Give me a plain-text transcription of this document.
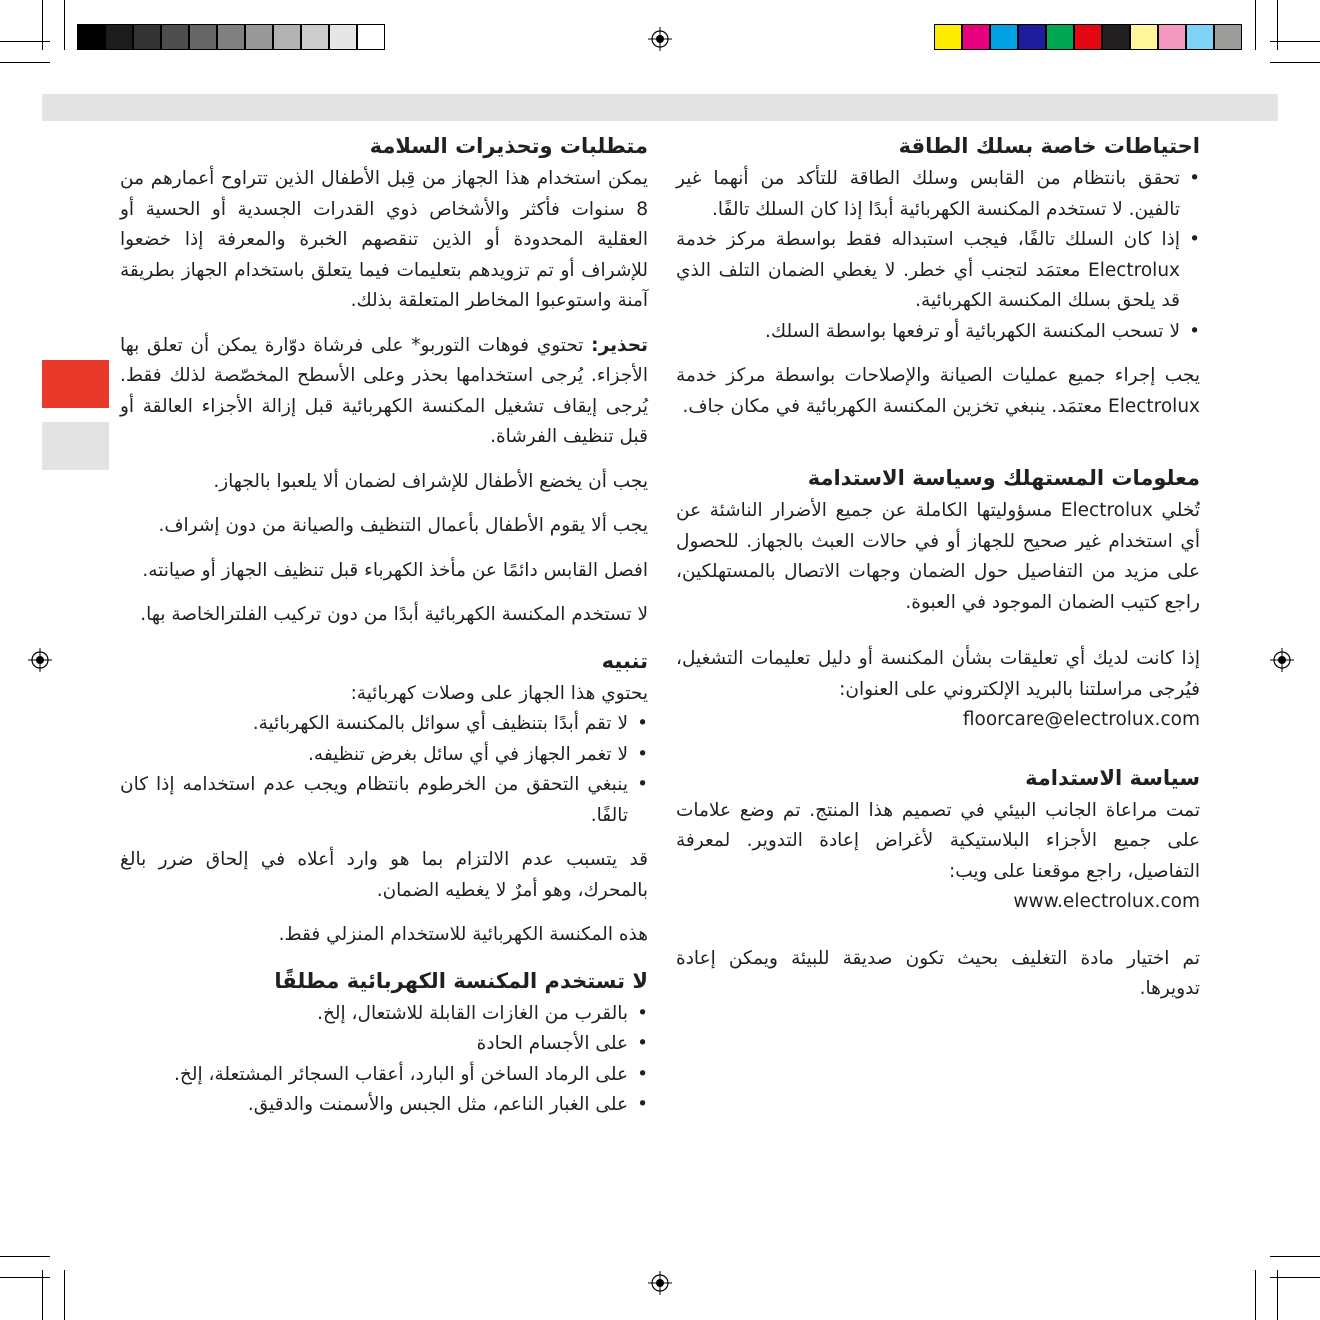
احتياطات خاصة بسلك الطاقة
• تحقق بانتظام من القابس وسلك الطاقة للتأكد من أنهما غير تالفين. لا تستخدم المكنسة الكهربائية أبدًا إذا كان السلك تالفًا.
• إذا كان السلك تالفًا، فيجب استبداله فقط بواسطة مركز خدمة Electrolux معتمَد لتجنب أي خطر. لا يغطي الضمان التلف الذي قد يلحق بسلك المكنسة الكهربائية.
• لا تسحب المكنسة الكهربائية أو ترفعها بواسطة السلك.

يجب إجراء جميع عمليات الصيانة والإصلاحات بواسطة مركز خدمة Electrolux معتمَد. ينبغي تخزين المكنسة الكهربائية في مكان جاف.

معلومات المستهلك وسياسة الاستدامة

تُخلي Electrolux مسؤوليتها الكاملة عن جميع الأضرار الناشئة عن أي استخدام غير صحيح للجهاز أو في حالات العبث بالجهاز. للحصول على مزيد من التفاصيل حول الضمان وجهات الاتصال بالمستهلكين، راجع كتيب الضمان الموجود في العبوة.

إذا كانت لديك أي تعليقات بشأن المكنسة أو دليل تعليمات التشغيل، فيُرجى مراسلتنا بالبريد الإلكتروني على العنوان:

floorcare@electrolux.com
سياسة الاستدامة

تمت مراعاة الجانب البيئي في تصميم هذا المنتج. تم وضع علامات على جميع الأجزاء البلاستيكية لأغراض إعادة التدوير. لمعرفة التفاصيل، راجع موقعنا على ويب:

www.electrolux.com

تم اختيار مادة التغليف بحيث تكون صديقة للبيئة ويمكن إعادة تدويرها.

متطلبات وتحذيرات السلامة

يمكن استخدام هذا الجهاز من قِبل الأطفال الذين تتراوح أعمارهم من 8 سنوات فأكثر والأشخاص ذوي القدرات الجسدية أو الحسية أو العقلية المحدودة أو الذين تنقصهم الخبرة والمعرفة إذا خضعوا للإشراف أو تم تزويدهم بتعليمات فيما يتعلق باستخدام الجهاز بطريقة آمنة واستوعبوا المخاطر المتعلقة بذلك.

تحذير: تحتوي فوهات التوربو* على فرشاة دوّارة يمكن أن تعلق بها الأجزاء. يُرجى استخدامها بحذر وعلى الأسطح المخصّصة لذلك فقط. يُرجى إيقاف تشغيل المكنسة الكهربائية قبل إزالة الأجزاء العالقة أو قبل تنظيف الفرشاة.

يجب أن يخضع الأطفال للإشراف لضمان ألا يلعبوا بالجهاز.

يجب ألا يقوم الأطفال بأعمال التنظيف والصيانة من دون إشراف.

افصل القابس دائمًا عن مأخذ الكهرباء قبل تنظيف الجهاز أو صيانته.

لا تستخدم المكنسة الكهربائية أبدًا من دون تركيب الفلترالخاصة بها.

تنبيه

يحتوي هذا الجهاز على وصلات كهربائية:

• لا تقم أبدًا بتنظيف أي سوائل بالمكنسة الكهربائية.
• لا تغمر الجهاز في أي سائل بغرض تنظيفه.
• ينبغي التحقق من الخرطوم بانتظام ويجب عدم استخدامه إذا كان تالفًا.

قد يتسبب عدم الالتزام بما هو وارد أعلاه في إلحاق ضرر بالغ بالمحرك، وهو أمرٌ لا يغطيه الضمان.

هذه المكنسة الكهربائية للاستخدام المنزلي فقط.

لا تستخدم المكنسة الكهربائية مطلقًا
• بالقرب من الغازات القابلة للاشتعال، إلخ.
• على الأجسام الحادة
• على الرماد الساخن أو البارد، أعقاب السجائر المشتعلة، إلخ.
• على الغبار الناعم، مثل الجبس والأسمنت والدقيق.
